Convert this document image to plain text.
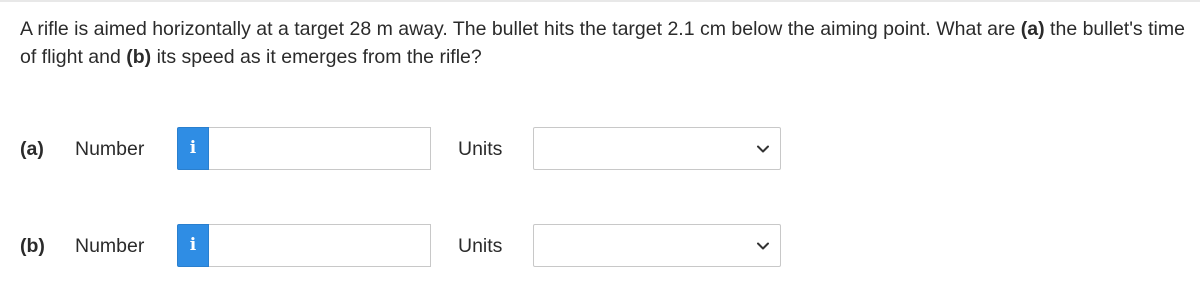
A rifle is aimed horizontally at a target 28 m away. The bullet hits the target 2.1 cm below the aiming point. What are (a) the bullet's time of flight and (b) its speed as it emerges from the rifle?
(a) Number	i	Units
(b) Number	i	Units
